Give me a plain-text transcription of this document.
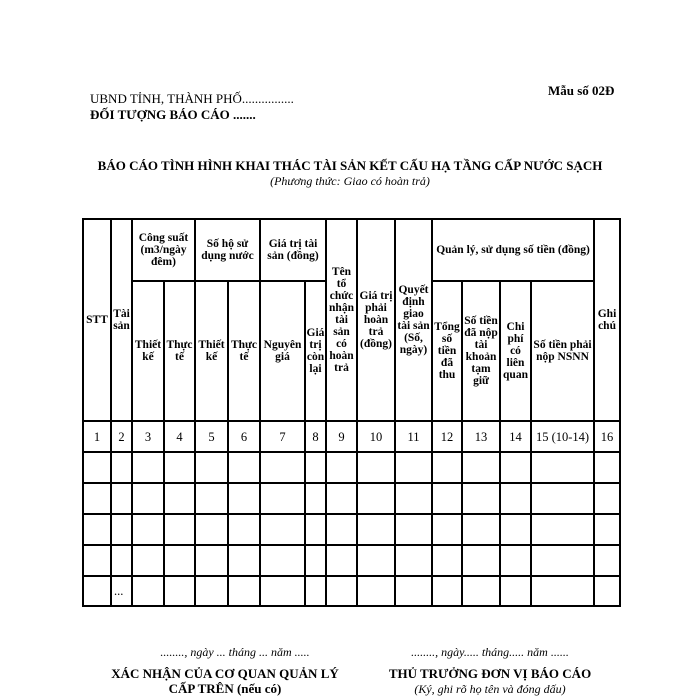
Mẫu số 02Đ
UBND TỈNH, THÀNH PHỐ................
ĐỐI TƯỢNG BÁO CÁO .......
BÁO CÁO TÌNH HÌNH KHAI THÁC TÀI SẢN KẾT CẤU HẠ TẦNG CẤP NƯỚC SẠCH
(Phương thức: Giao có hoàn trả)
STT	Tài sản	Công suất (m3/ngày đêm)		Số hộ sử dụng nước		Giá trị tài sản (đồng)		Tên tổ chức nhận tài sản có hoàn trả	Giá trị phải hoàn trả (đồng)	Quyết định giao tài sản (Số, ngày)	Quản lý, sử dụng số tiền (đồng)				Ghi chú
		Thiết kế	Thực tế	Thiết kế	Thực tế	Nguyên giá	Giá trị còn lại				Tổng số tiền đã thu	Số tiền đã nộp tài khoản tạm giữ	Chi phí có liên quan	Số tiền phải nộp NSNN	
1	2	3	4	5	6	7	8	9	10	11	12	13	14	15 (10-14)	16

	...														
........, ngày ... tháng ... năm .....	........, ngày..... tháng..... năm ......
XÁC NHẬN CỦA CƠ QUAN QUẢN LÝ
CẤP TRÊN (nếu có)
THỦ TRƯỞNG ĐƠN VỊ BÁO CÁO
(Ký, ghi rõ họ tên và đóng dấu)
